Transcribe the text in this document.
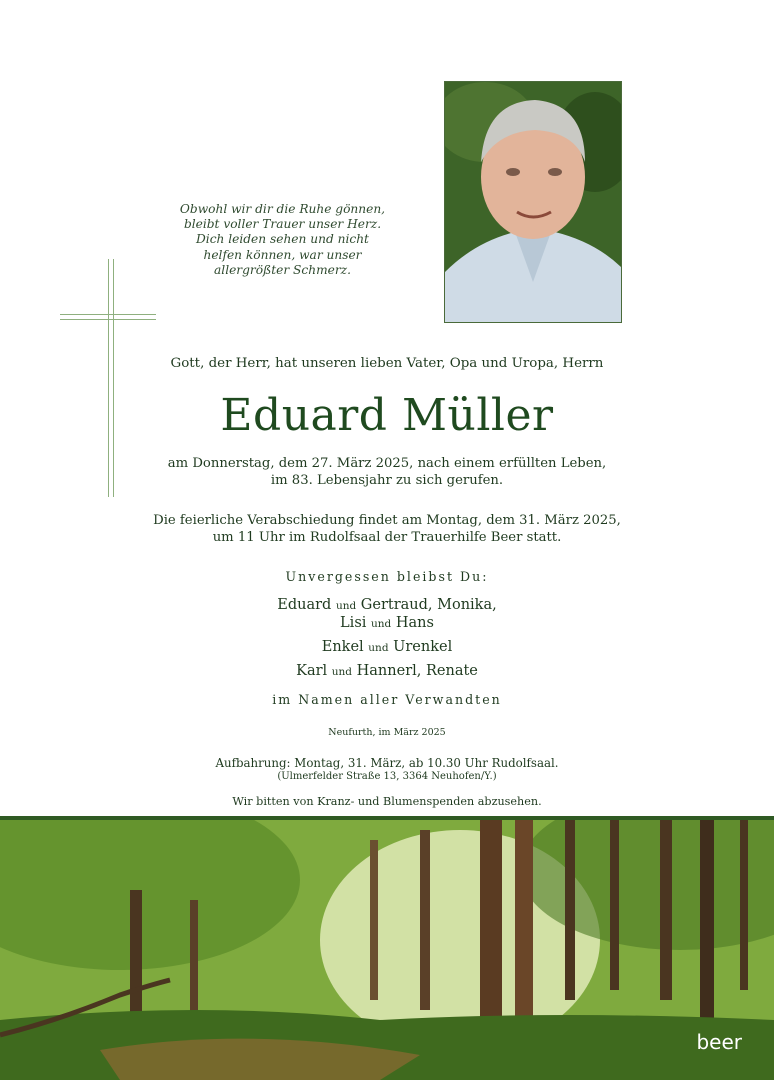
Obwohl wir dir die Ruhe gönnen,
bleibt voller Trauer unser Herz.
Dich leiden sehen und nicht
helfen können, war unser
allergrößter Schmerz.
Gott, der Herr, hat unseren lieben Vater, Opa und Uropa, Herrn
Eduard Müller
am Donnerstag, dem 27. März 2025, nach einem erfüllten Leben,
im 83. Lebensjahr zu sich gerufen.
Die feierliche Verabschiedung findet am Montag, dem 31. März 2025,
um 11 Uhr im Rudolfsaal der Trauerhilfe Beer statt.
Unvergessen bleibst Du:
Eduard und Gertraud, Monika,
Lisi und Hans
Enkel und Urenkel
Karl und Hannerl, Renate
im Namen aller Verwandten
Neufurth, im März 2025
Aufbahrung: Montag, 31. März, ab 10.30 Uhr Rudolfsaal.
(Ulmerfelder Straße 13, 3364 Neuhofen/Y.)
Wir bitten von Kranz- und Blumenspenden abzusehen.
beer
